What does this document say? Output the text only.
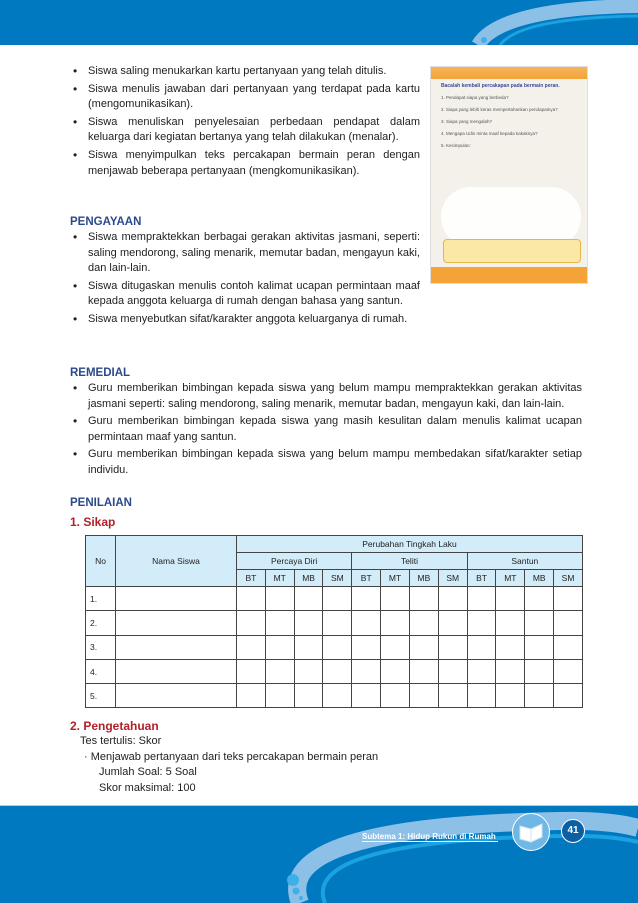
• Siswa saling menukarkan kartu pertanyaan yang telah ditulis.
• Siswa menulis jawaban dari pertanyaan yang terdapat pada kartu (mengomunikasikan).
• Siswa menuliskan penyelesaian perbedaan pendapat dalam keluarga dari kegiatan bertanya yang telah dilakukan (menalar).
• Siswa menyimpulkan teks percakapan bermain peran dengan menjawab beberapa pertanyaan (mengkomunikasikan).
PENGAYAAN
• Siswa mempraktekkan berbagai gerakan aktivitas jasmani, seperti: saling mendorong, saling menarik, memutar badan, mengayun kaki, dan lain-lain.
• Siswa ditugaskan menulis contoh kalimat ucapan permintaan maaf kepada anggota keluarga di rumah dengan bahasa yang santun.
• Siswa menyebutkan sifat/karakter anggota keluarganya di rumah.
Bacalah kembali percakapan pada bermain peran.
1. Pendapat siapa yang berbeda?
2. Siapa yang lebih keras mempertahankan pendapatnya?
3. Siapa yang mengalah?
4. Mengapa Udin minta maaf kepada kakaknya?
5. Kesimpulan:
REMEDIAL
• Guru memberikan bimbingan kepada siswa yang belum mampu mempraktekkan gerakan aktivitas jasmani seperti: saling mendorong, saling menarik, memutar badan, mengayun kaki, dan lain-lain.
• Guru memberikan bimbingan kepada siswa yang masih kesulitan dalam menulis kalimat ucapan permintaan maaf yang santun.
• Guru memberikan bimbingan kepada siswa yang belum mampu membedakan sifat/karakter setiap individu.
PENILAIAN
1. Sikap
No	Nama Siswa	Perubahan Tingkah Laku											
		Percaya Diri				Teliti				Santun			
		BT	MT	MB	SM	BT	MT	MB	SM	BT	MT	MB	SM
1.													
2.													
3.													
4.													
5.													
2. Pengetahuan
Tes tertulis: Skor
· Menjawab pertanyaan dari teks percakapan bermain peran
Jumlah Soal: 5 Soal
Skor maksimal: 100
Subtema 1: Hidup Rukun di Rumah
41
